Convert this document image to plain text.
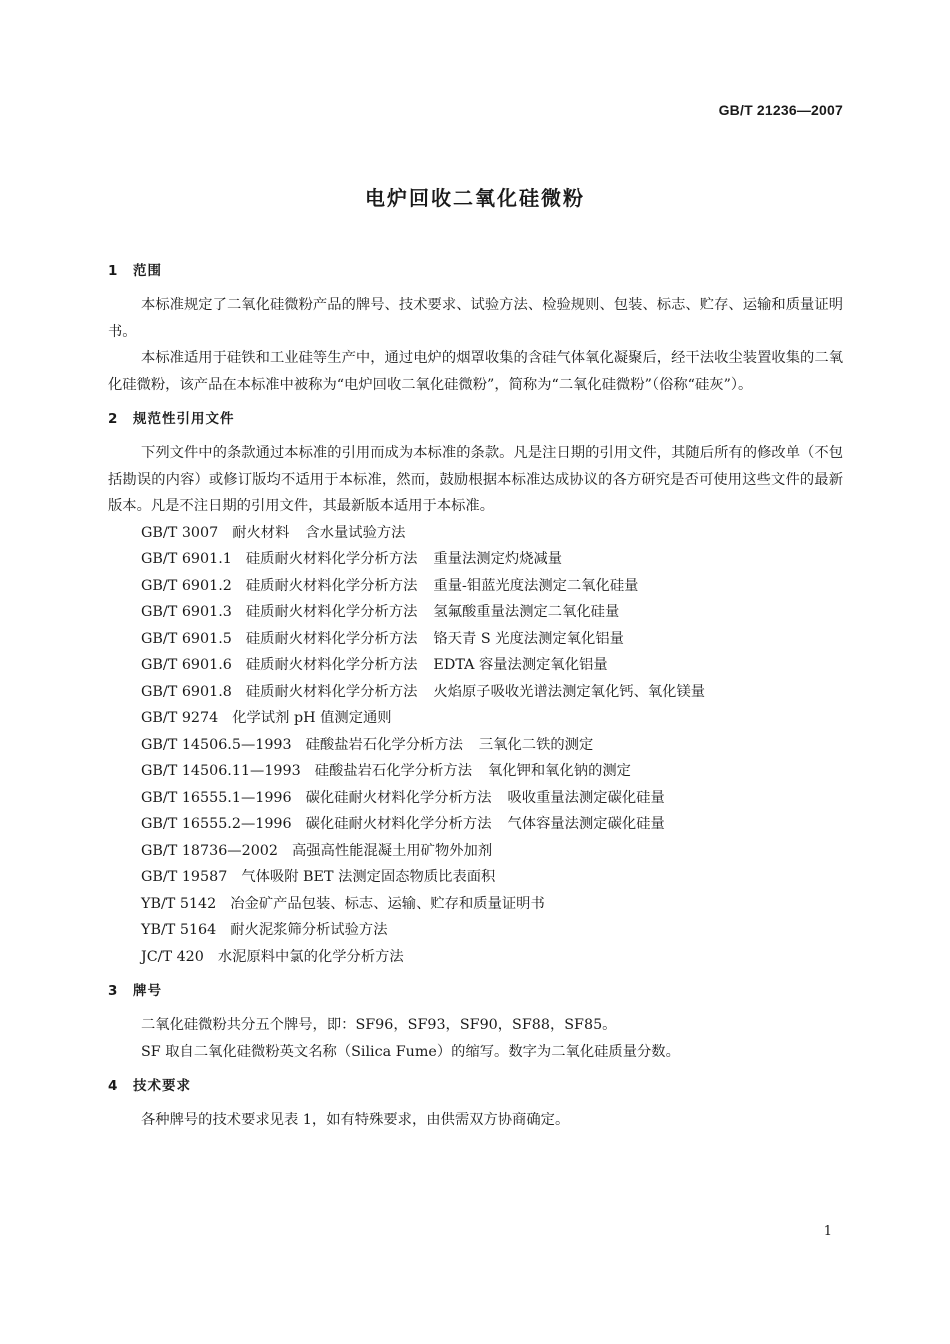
GB/T 21236—2007
电炉回收二氧化硅微粉
1 范围

本标准规定了二氧化硅微粉产品的牌号、技术要求、试验方法、检验规则、包装、标志、贮存、运输和质量证明书。

本标准适用于硅铁和工业硅等生产中，通过电炉的烟罩收集的含硅气体氧化凝聚后，经干法收尘装置收集的二氧化硅微粉，该产品在本标准中被称为“电炉回收二氧化硅微粉”，简称为“二氧化硅微粉”（俗称“硅灰”）。

2 规范性引用文件

下列文件中的条款通过本标准的引用而成为本标准的条款。凡是注日期的引用文件，其随后所有的修改单（不包括勘误的内容）或修订版均不适用于本标准，然而，鼓励根据本标准达成协议的各方研究是否可使用这些文件的最新版本。凡是不注日期的引用文件，其最新版本适用于本标准。

GB/T 3007 耐火材料 含水量试验方法
GB/T 6901.1 硅质耐火材料化学分析方法 重量法测定灼烧减量
GB/T 6901.2 硅质耐火材料化学分析方法 重量-钼蓝光度法测定二氧化硅量
GB/T 6901.3 硅质耐火材料化学分析方法 氢氟酸重量法测定二氧化硅量
GB/T 6901.5 硅质耐火材料化学分析方法 铬天青 S 光度法测定氧化铝量
GB/T 6901.6 硅质耐火材料化学分析方法 EDTA 容量法测定氧化铝量
GB/T 6901.8 硅质耐火材料化学分析方法 火焰原子吸收光谱法测定氧化钙、氧化镁量
GB/T 9274 化学试剂 pH 值测定通则
GB/T 14506.5—1993 硅酸盐岩石化学分析方法 三氧化二铁的测定
GB/T 14506.11—1993 硅酸盐岩石化学分析方法 氧化钾和氧化钠的测定
GB/T 16555.1—1996 碳化硅耐火材料化学分析方法 吸收重量法测定碳化硅量
GB/T 16555.2—1996 碳化硅耐火材料化学分析方法 气体容量法测定碳化硅量
GB/T 18736—2002 高强高性能混凝土用矿物外加剂
GB/T 19587 气体吸附 BET 法测定固态物质比表面积
YB/T 5142 冶金矿产品包装、标志、运输、贮存和质量证明书
YB/T 5164 耐火泥浆筛分析试验方法
JC/T 420 水泥原料中氯的化学分析方法
3 牌号

二氧化硅微粉共分五个牌号，即：SF96，SF93，SF90，SF88，SF85。

SF 取自二氧化硅微粉英文名称（Silica Fume）的缩写。数字为二氧化硅质量分数。

4 技术要求

各种牌号的技术要求见表 1，如有特殊要求，由供需双方协商确定。

1
